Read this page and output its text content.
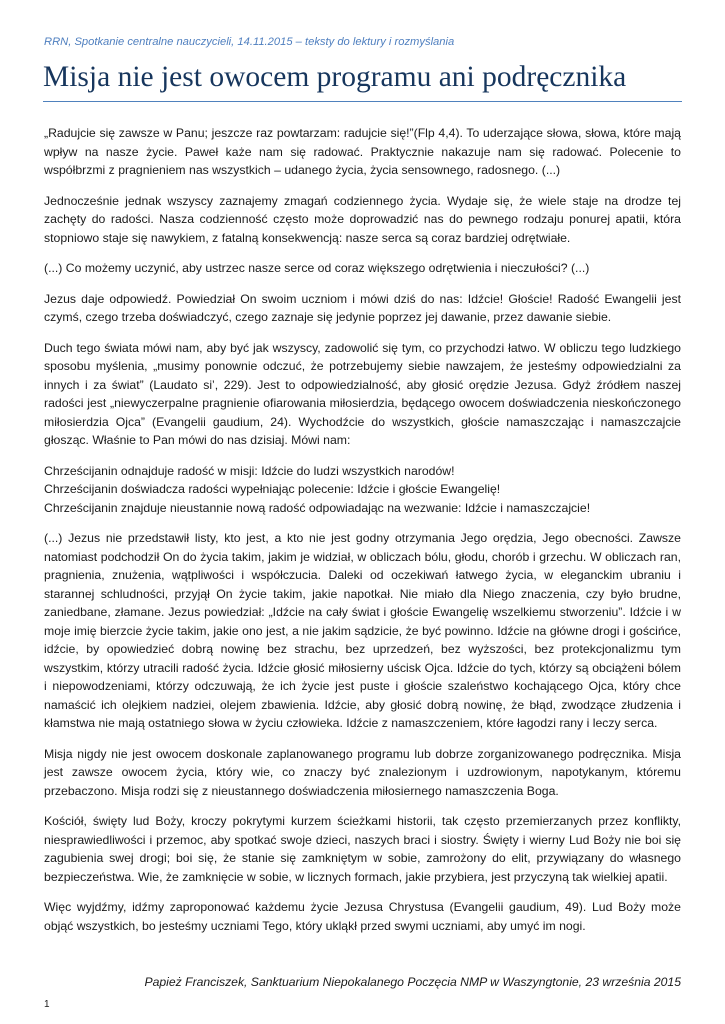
RRN, Spotkanie centralne nauczycieli, 14.11.2015 – teksty do lektury i rozmyślania
Misja nie jest owocem programu ani podręcznika

„Radujcie się zawsze w Panu; jeszcze raz powtarzam: radujcie się!”(Flp 4,4). To uderzające słowa, słowa, które mają wpływ na nasze życie. Paweł każe nam się radować. Praktycznie nakazuje nam się radować. Polecenie to współbrzmi z pragnieniem nas wszystkich – udanego życia, życia sensownego, radosnego. (...)

Jednocześnie jednak wszyscy zaznajemy zmagań codziennego życia. Wydaje się, że wiele staje na drodze tej zachęty do radości. Nasza codzienność często może doprowadzić nas do pewnego rodzaju ponurej apatii, która stopniowo staje się nawykiem, z fatalną konsekwencją: nasze serca są coraz bardziej odrętwiałe.

(...) Co możemy uczynić, aby ustrzec nasze serce od coraz większego odrętwienia i nieczułości? (...)

Jezus daje odpowiedź. Powiedział On swoim uczniom i mówi dziś do nas: Idźcie! Głoście! Radość Ewangelii jest czymś, czego trzeba doświadczyć, czego zaznaje się jedynie poprzez jej dawanie, przez dawanie siebie.

Duch tego świata mówi nam, aby być jak wszyscy, zadowolić się tym, co przychodzi łatwo. W obliczu tego ludzkiego sposobu myślenia, „musimy ponownie odczuć, że potrzebujemy siebie nawzajem, że jesteśmy odpowiedzialni za innych i za świat” (Laudato si’, 229). Jest to odpowiedzialność, aby głosić orędzie Jezusa. Gdyż źródłem naszej radości jest „niewyczerpalne pragnienie ofiarowania miłosierdzia, będącego owocem doświadczenia nieskończonego miłosierdzia Ojca” (Evangelii gaudium, 24). Wychodźcie do wszystkich, głoście namaszczając i namaszczajcie głosząc. Właśnie to Pan mówi do nas dzisiaj. Mówi nam:

Chrześcijanin odnajduje radość w misji: Idźcie do ludzi wszystkich narodów!
Chrześcijanin doświadcza radości wypełniając polecenie: Idźcie i głoście Ewangelię!
Chrześcijanin znajduje nieustannie nową radość odpowiadając na wezwanie: Idźcie i namaszczajcie!

(...) Jezus nie przedstawił listy, kto jest, a kto nie jest godny otrzymania Jego orędzia, Jego obecności. Zawsze natomiast podchodził On do życia takim, jakim je widział, w obliczach bólu, głodu, chorób i grzechu. W obliczach ran, pragnienia, znużenia, wątpliwości i współczucia. Daleki od oczekiwań łatwego życia, w eleganckim ubraniu i starannej schludności, przyjął On życie takim, jakie napotkał. Nie miało dla Niego znaczenia, czy było brudne, zaniedbane, złamane. Jezus powiedział: „Idźcie na cały świat i głoście Ewangelię wszelkiemu stworzeniu”. Idźcie i w moje imię bierzcie życie takim, jakie ono jest, a nie jakim sądzicie, że być powinno. Idźcie na główne drogi i gościńce, idźcie, by opowiedzieć dobrą nowinę bez strachu, bez uprzedzeń, bez wyższości, bez protekcjonalizmu tym wszystkim, którzy utracili radość życia. Idźcie głosić miłosierny uścisk Ojca. Idźcie do tych, którzy są obciążeni bólem i niepowodzeniami, którzy odczuwają, że ich życie jest puste i głoście szaleństwo kochającego Ojca, który chce namaścić ich olejkiem nadziei, olejem zbawienia. Idźcie, aby głosić dobrą nowinę, że błąd, zwodzące złudzenia i kłamstwa nie mają ostatniego słowa w życiu człowieka. Idźcie z namaszczeniem, które łagodzi rany i leczy serca.

Misja nigdy nie jest owocem doskonale zaplanowanego programu lub dobrze zorganizowanego podręcznika. Misja jest zawsze owocem życia, który wie, co znaczy być znalezionym i uzdrowionym, napotykanym, któremu przebaczono. Misja rodzi się z nieustannego doświadczenia miłosiernego namaszczenia Boga.

Kościół, święty lud Boży, kroczy pokrytymi kurzem ścieżkami historii, tak często przemierzanych przez konflikty, niesprawiedliwości i przemoc, aby spotkać swoje dzieci, naszych braci i siostry. Święty i wierny Lud Boży nie boi się zagubienia swej drogi; boi się, że stanie się zamkniętym w sobie, zamrożony do elit, przywiązany do własnego bezpieczeństwa. Wie, że zamknięcie w sobie, w licznych formach, jakie przybiera, jest przyczyną tak wielkiej apatii.

Więc wyjdźmy, idźmy zaproponować każdemu życie Jezusa Chrystusa (Evangelii gaudium, 49). Lud Boży może objąć wszystkich, bo jesteśmy uczniami Tego, który ukląkł przed swymi uczniami, aby umyć im nogi.

Papież Franciszek, Sanktuarium Niepokalanego Poczęcia NMP w Waszyngtonie, 23 września 2015
1
